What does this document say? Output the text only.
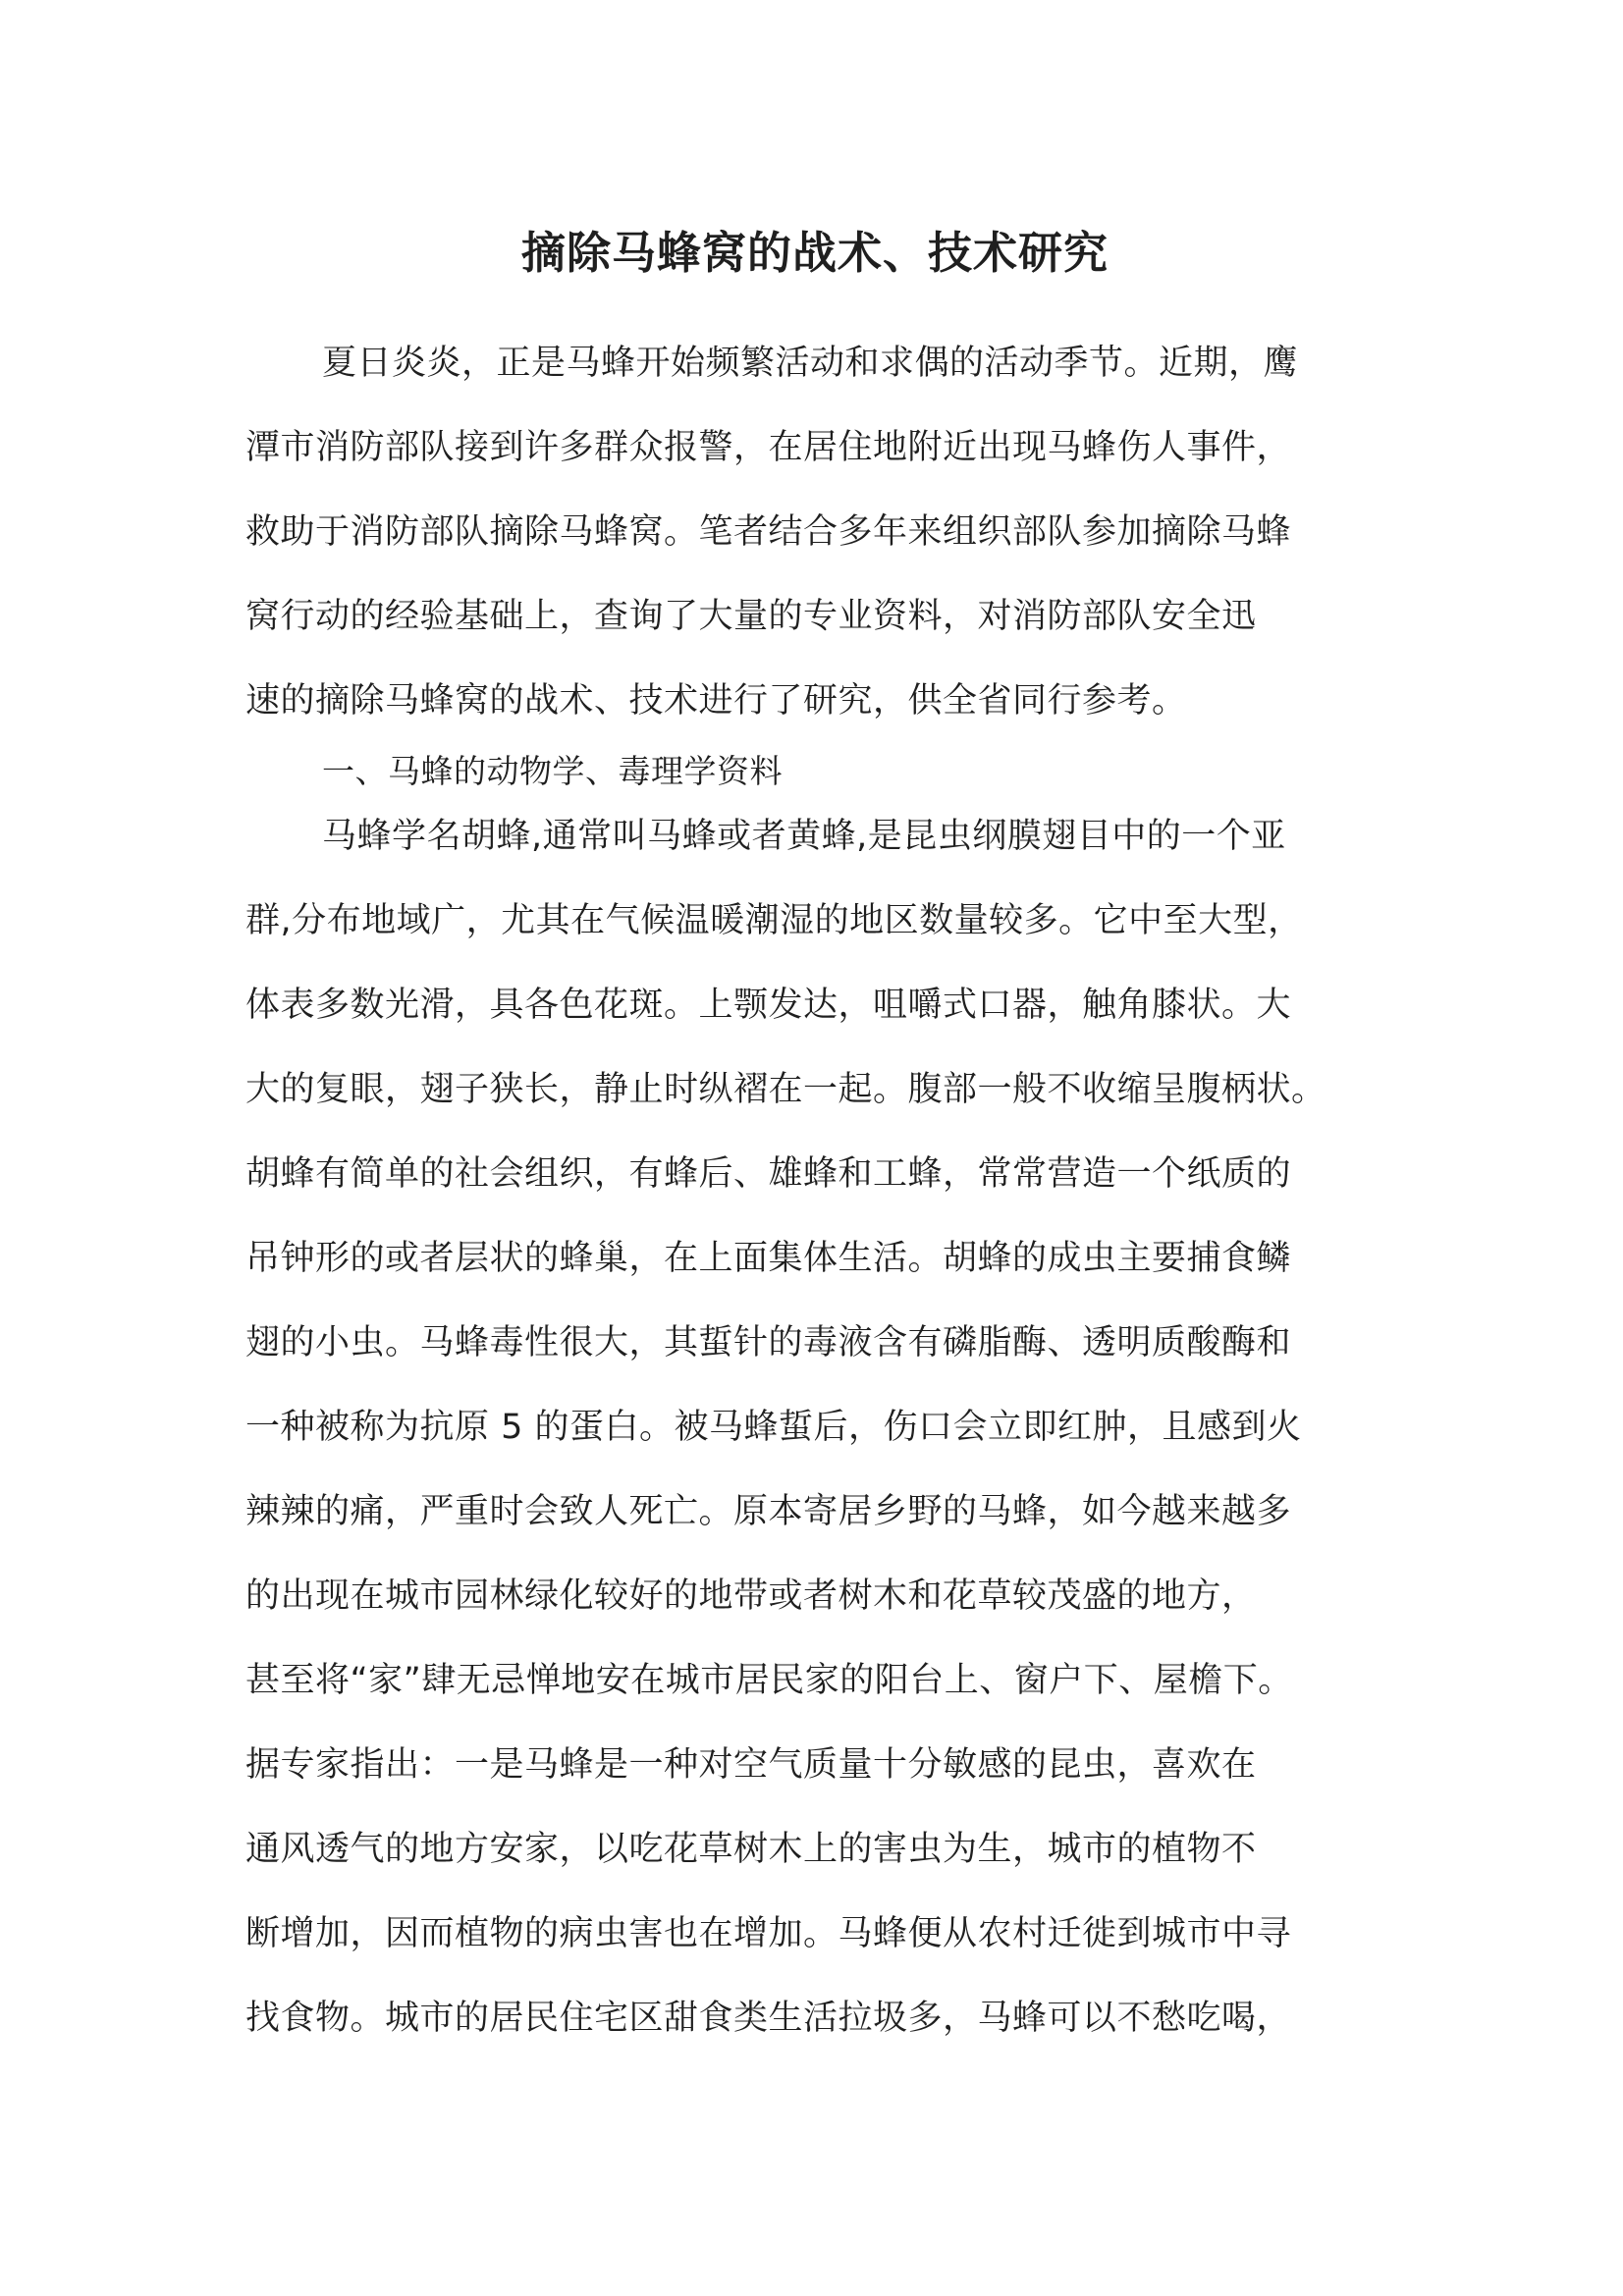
摘除马蜂窝的战术、技术研究
夏日炎炎，正是马蜂开始频繁活动和求偶的活动季节。近期，鹰
潭市消防部队接到许多群众报警，在居住地附近出现马蜂伤人事件，
救助于消防部队摘除马蜂窝。笔者结合多年来组织部队参加摘除马蜂
窝行动的经验基础上，查询了大量的专业资料，对消防部队安全迅
速的摘除马蜂窝的战术、技术进行了研究，供全省同行参考。
一、马蜂的动物学、毒理学资料
马蜂学名胡蜂,通常叫马蜂或者黄蜂,是昆虫纲膜翅目中的一个亚
群,分布地域广，尤其在气候温暖潮湿的地区数量较多。它中至大型，
体表多数光滑，具各色花斑。上颚发达，咀嚼式口器，触角膝状。大
大的复眼，翅子狭长，静止时纵褶在一起。腹部一般不收缩呈腹柄状。
胡蜂有简单的社会组织，有蜂后、雄蜂和工蜂，常常营造一个纸质的
吊钟形的或者层状的蜂巢，在上面集体生活。胡蜂的成虫主要捕食鳞
翅的小虫。马蜂毒性很大，其蜇针的毒液含有磷脂酶、透明质酸酶和
一种被称为抗原 5 的蛋白。被马蜂蜇后，伤口会立即红肿，且感到火
辣辣的痛，严重时会致人死亡。原本寄居乡野的马蜂，如今越来越多
的出现在城市园林绿化较好的地带或者树木和花草较茂盛的地方，
甚至将“家”肆无忌惮地安在城市居民家的阳台上、窗户下、屋檐下。
据专家指出：一是马蜂是一种对空气质量十分敏感的昆虫，喜欢在
通风透气的地方安家，以吃花草树木上的害虫为生，城市的植物不
断增加，因而植物的病虫害也在增加。马蜂便从农村迁徙到城市中寻
找食物。城市的居民住宅区甜食类生活拉圾多，马蜂可以不愁吃喝，
